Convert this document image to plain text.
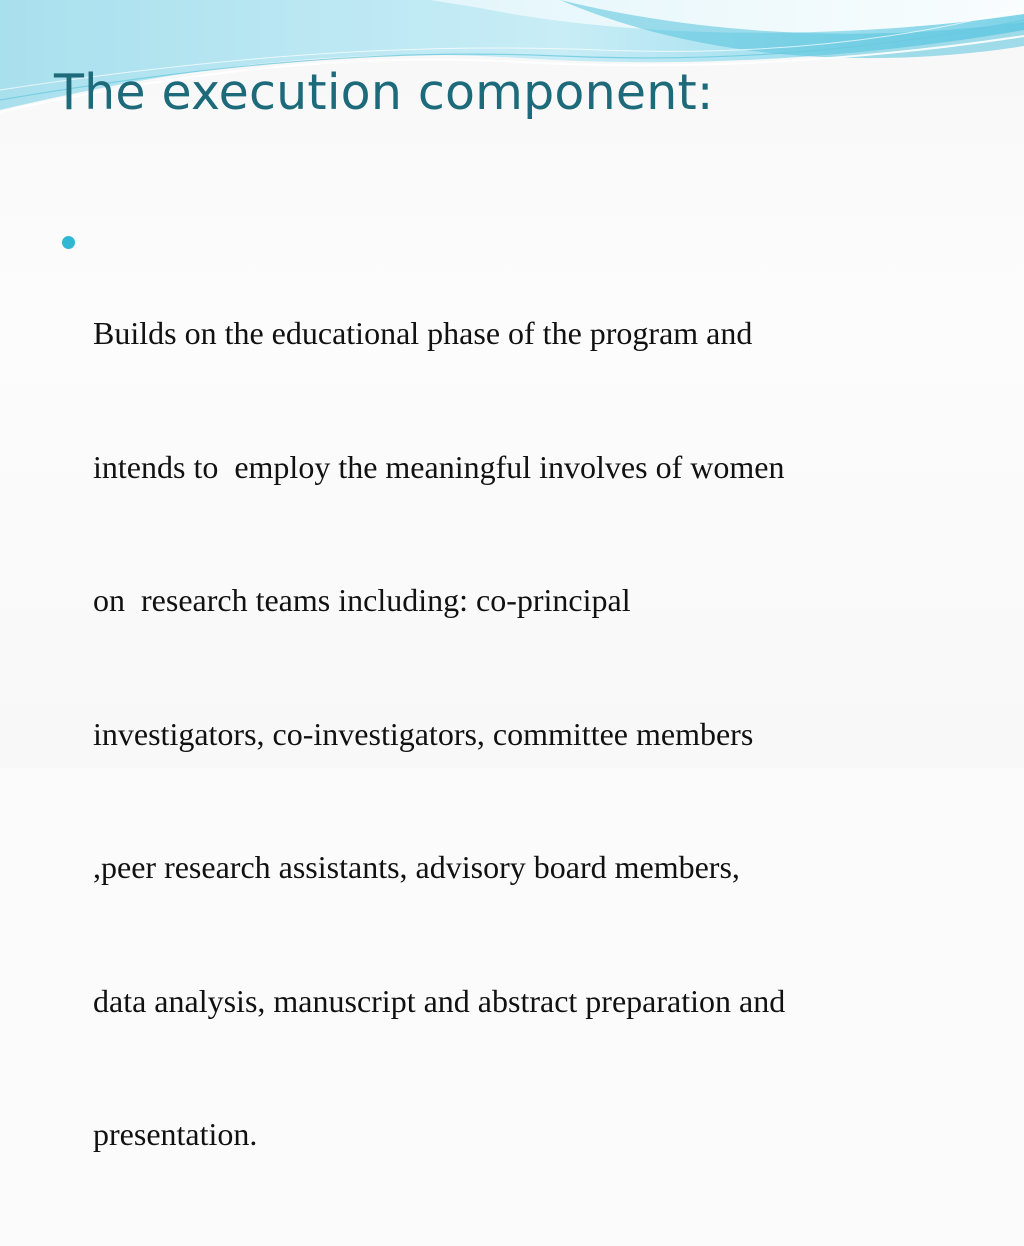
The execution component:

Builds on the educational phase of the program and

intends to  employ the meaningful involves of women

on  research teams including: co-principal

investigators, co-investigators, committee members

,peer research assistants, advisory board members,

data analysis, manuscript and abstract preparation and

presentation.
